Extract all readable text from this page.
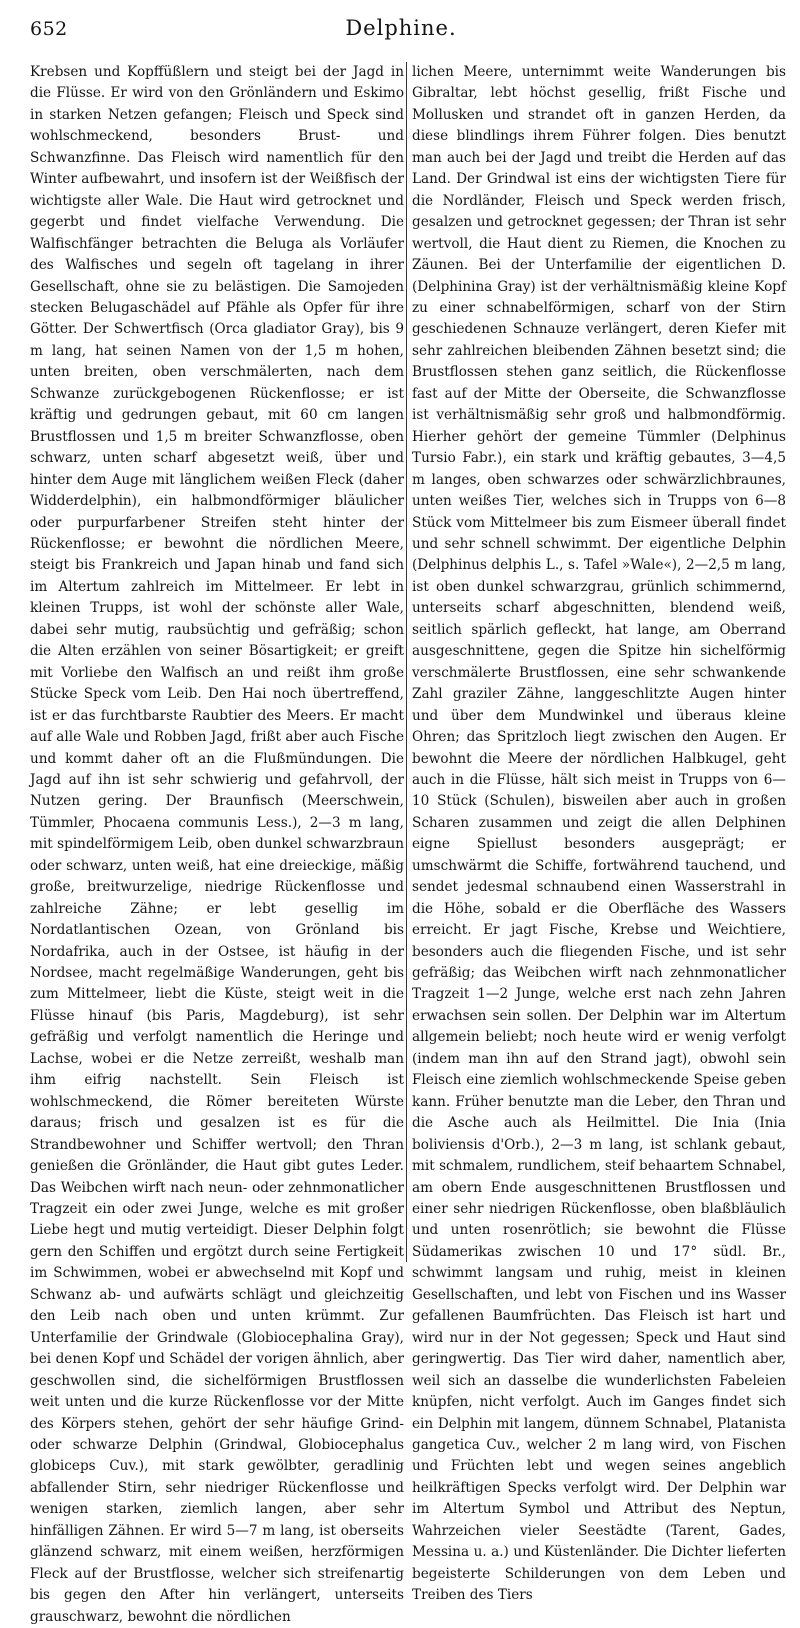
652	Delphine.

Krebsen und Kopffüßlern und steigt bei der Jagd in die Flüsse. Er wird von den Grönländern und Eskimo in starken Netzen gefangen; Fleisch und Speck sind wohlschmeckend, besonders Brust- und Schwanzfinne. Das Fleisch wird namentlich für den Winter aufbewahrt, und insofern ist der Weißfisch der wichtigste aller Wale. Die Haut wird getrocknet und gegerbt und findet vielfache Verwendung. Die Walfischfänger betrachten die Beluga als Vorläufer des Walfisches und segeln oft tagelang in ihrer Gesellschaft, ohne sie zu belästigen. Die Samojeden stecken Belugaschädel auf Pfähle als Opfer für ihre Götter. Der Schwertfisch (Orca gladiator Gray), bis 9 m lang, hat seinen Namen von der 1,5 m hohen, unten breiten, oben verschmälerten, nach dem Schwanze zurückgebogenen Rückenflosse; er ist kräftig und gedrungen gebaut, mit 60 cm langen Brustflossen und 1,5 m breiter Schwanzflosse, oben schwarz, unten scharf abgesetzt weiß, über und hinter dem Auge mit länglichem weißen Fleck (daher Widderdelphin), ein halbmondförmiger bläulicher oder purpurfarbener Streifen steht hinter der Rückenflosse; er bewohnt die nördlichen Meere, steigt bis Frankreich und Japan hinab und fand sich im Altertum zahlreich im Mittelmeer. Er lebt in kleinen Trupps, ist wohl der schönste aller Wale, dabei sehr mutig, raubsüchtig und gefräßig; schon die Alten erzählen von seiner Bösartigkeit; er greift mit Vorliebe den Walfisch an und reißt ihm große Stücke Speck vom Leib. Den Hai noch übertreffend, ist er das furchtbarste Raubtier des Meers. Er macht auf alle Wale und Robben Jagd, frißt aber auch Fische und kommt daher oft an die Flußmündungen. Die Jagd auf ihn ist sehr schwierig und gefahrvoll, der Nutzen gering. Der Braunfisch (Meerschwein, Tümmler, Phocaena communis Less.), 2—3 m lang, mit spindelförmigem Leib, oben dunkel schwarzbraun oder schwarz, unten weiß, hat eine dreieckige, mäßig große, breitwurzelige, niedrige Rückenflosse und zahlreiche Zähne; er lebt gesellig im Nordatlantischen Ozean, von Grönland bis Nordafrika, auch in der Ostsee, ist häufig in der Nordsee, macht regelmäßige Wanderungen, geht bis zum Mittelmeer, liebt die Küste, steigt weit in die Flüsse hinauf (bis Paris, Magdeburg), ist sehr gefräßig und verfolgt namentlich die Heringe und Lachse, wobei er die Netze zerreißt, weshalb man ihm eifrig nachstellt. Sein Fleisch ist wohlschmeckend, die Römer bereiteten Würste daraus; frisch und gesalzen ist es für die Strandbewohner und Schiffer wertvoll; den Thran genießen die Grönländer, die Haut gibt gutes Leder. Das Weibchen wirft nach neun- oder zehnmonatlicher Tragzeit ein oder zwei Junge, welche es mit großer Liebe hegt und mutig verteidigt. Dieser Delphin folgt gern den Schiffen und ergötzt durch seine Fertigkeit im Schwimmen, wobei er abwechselnd mit Kopf und Schwanz ab- und aufwärts schlägt und gleichzeitig den Leib nach oben und unten krümmt. Zur Unterfamilie der Grindwale (Globiocephalina Gray), bei denen Kopf und Schädel der vorigen ähnlich, aber geschwollen sind, die sichelförmigen Brustflossen weit unten und die kurze Rückenflosse vor der Mitte des Körpers stehen, gehört der sehr häufige Grind- oder schwarze Delphin (Grindwal, Globiocephalus globiceps Cuv.), mit stark gewölbter, geradlinig abfallender Stirn, sehr niedriger Rückenflosse und wenigen starken, ziemlich langen, aber sehr hinfälligen Zähnen. Er wird 5—7 m lang, ist oberseits glänzend schwarz, mit einem weißen, herzförmigen Fleck auf der Brustflosse, welcher sich streifenartig bis gegen den After hin verlängert, unterseits grauschwarz, bewohnt die nördlichen

lichen Meere, unternimmt weite Wanderungen bis Gibraltar, lebt höchst gesellig, frißt Fische und Mollusken und strandet oft in ganzen Herden, da diese blindlings ihrem Führer folgen. Dies benutzt man auch bei der Jagd und treibt die Herden auf das Land. Der Grindwal ist eins der wichtigsten Tiere für die Nordländer, Fleisch und Speck werden frisch, gesalzen und getrocknet gegessen; der Thran ist sehr wertvoll, die Haut dient zu Riemen, die Knochen zu Zäunen. Bei der Unterfamilie der eigentlichen D. (Delphinina Gray) ist der verhältnismäßig kleine Kopf zu einer schnabelförmigen, scharf von der Stirn geschiedenen Schnauze verlängert, deren Kiefer mit sehr zahlreichen bleibenden Zähnen besetzt sind; die Brustflossen stehen ganz seitlich, die Rückenflosse fast auf der Mitte der Oberseite, die Schwanzflosse ist verhältnismäßig sehr groß und halbmondförmig. Hierher gehört der gemeine Tümmler (Delphinus Tursio Fabr.), ein stark und kräftig gebautes, 3—4,5 m langes, oben schwarzes oder schwärzlichbraunes, unten weißes Tier, welches sich in Trupps von 6—8 Stück vom Mittelmeer bis zum Eismeer überall findet und sehr schnell schwimmt. Der eigentliche Delphin (Delphinus delphis L., s. Tafel »Wale«), 2—2,5 m lang, ist oben dunkel schwarzgrau, grünlich schimmernd, unterseits scharf abgeschnitten, blendend weiß, seitlich spärlich gefleckt, hat lange, am Oberrand ausgeschnittene, gegen die Spitze hin sichelförmig verschmälerte Brustflossen, eine sehr schwankende Zahl graziler Zähne, langgeschlitzte Augen hinter und über dem Mundwinkel und überaus kleine Ohren; das Spritzloch liegt zwischen den Augen. Er bewohnt die Meere der nördlichen Halbkugel, geht auch in die Flüsse, hält sich meist in Trupps von 6—10 Stück (Schulen), bisweilen aber auch in großen Scharen zusammen und zeigt die allen Delphinen eigne Spiellust besonders ausgeprägt; er umschwärmt die Schiffe, fortwährend tauchend, und sendet jedesmal schnaubend einen Wasserstrahl in die Höhe, sobald er die Oberfläche des Wassers erreicht. Er jagt Fische, Krebse und Weichtiere, besonders auch die fliegenden Fische, und ist sehr gefräßig; das Weibchen wirft nach zehnmonatlicher Tragzeit 1—2 Junge, welche erst nach zehn Jahren erwachsen sein sollen. Der Delphin war im Altertum allgemein beliebt; noch heute wird er wenig verfolgt (indem man ihn auf den Strand jagt), obwohl sein Fleisch eine ziemlich wohlschmeckende Speise geben kann. Früher benutzte man die Leber, den Thran und die Asche auch als Heilmittel. Die Inia (Inia boliviensis d'Orb.), 2—3 m lang, ist schlank gebaut, mit schmalem, rundlichem, steif behaartem Schnabel, am obern Ende ausgeschnittenen Brustflossen und einer sehr niedrigen Rückenflosse, oben blaßbläulich und unten rosenrötlich; sie bewohnt die Flüsse Südamerikas zwischen 10 und 17° südl. Br., schwimmt langsam und ruhig, meist in kleinen Gesellschaften, und lebt von Fischen und ins Wasser gefallenen Baumfrüchten. Das Fleisch ist hart und wird nur in der Not gegessen; Speck und Haut sind geringwertig. Das Tier wird daher, namentlich aber, weil sich an dasselbe die wunderlichsten Fabeleien knüpfen, nicht verfolgt. Auch im Ganges findet sich ein Delphin mit langem, dünnem Schnabel, Platanista gangetica Cuv., welcher 2 m lang wird, von Fischen und Früchten lebt und wegen seines angeblich heilkräftigen Specks verfolgt wird. Der Delphin war im Altertum Symbol und Attribut des Neptun, Wahrzeichen vieler Seestädte (Tarent, Gades, Messina u. a.) und Küstenländer. Die Dichter lieferten begeisterte Schilderungen von dem Leben und Treiben des Tiers
